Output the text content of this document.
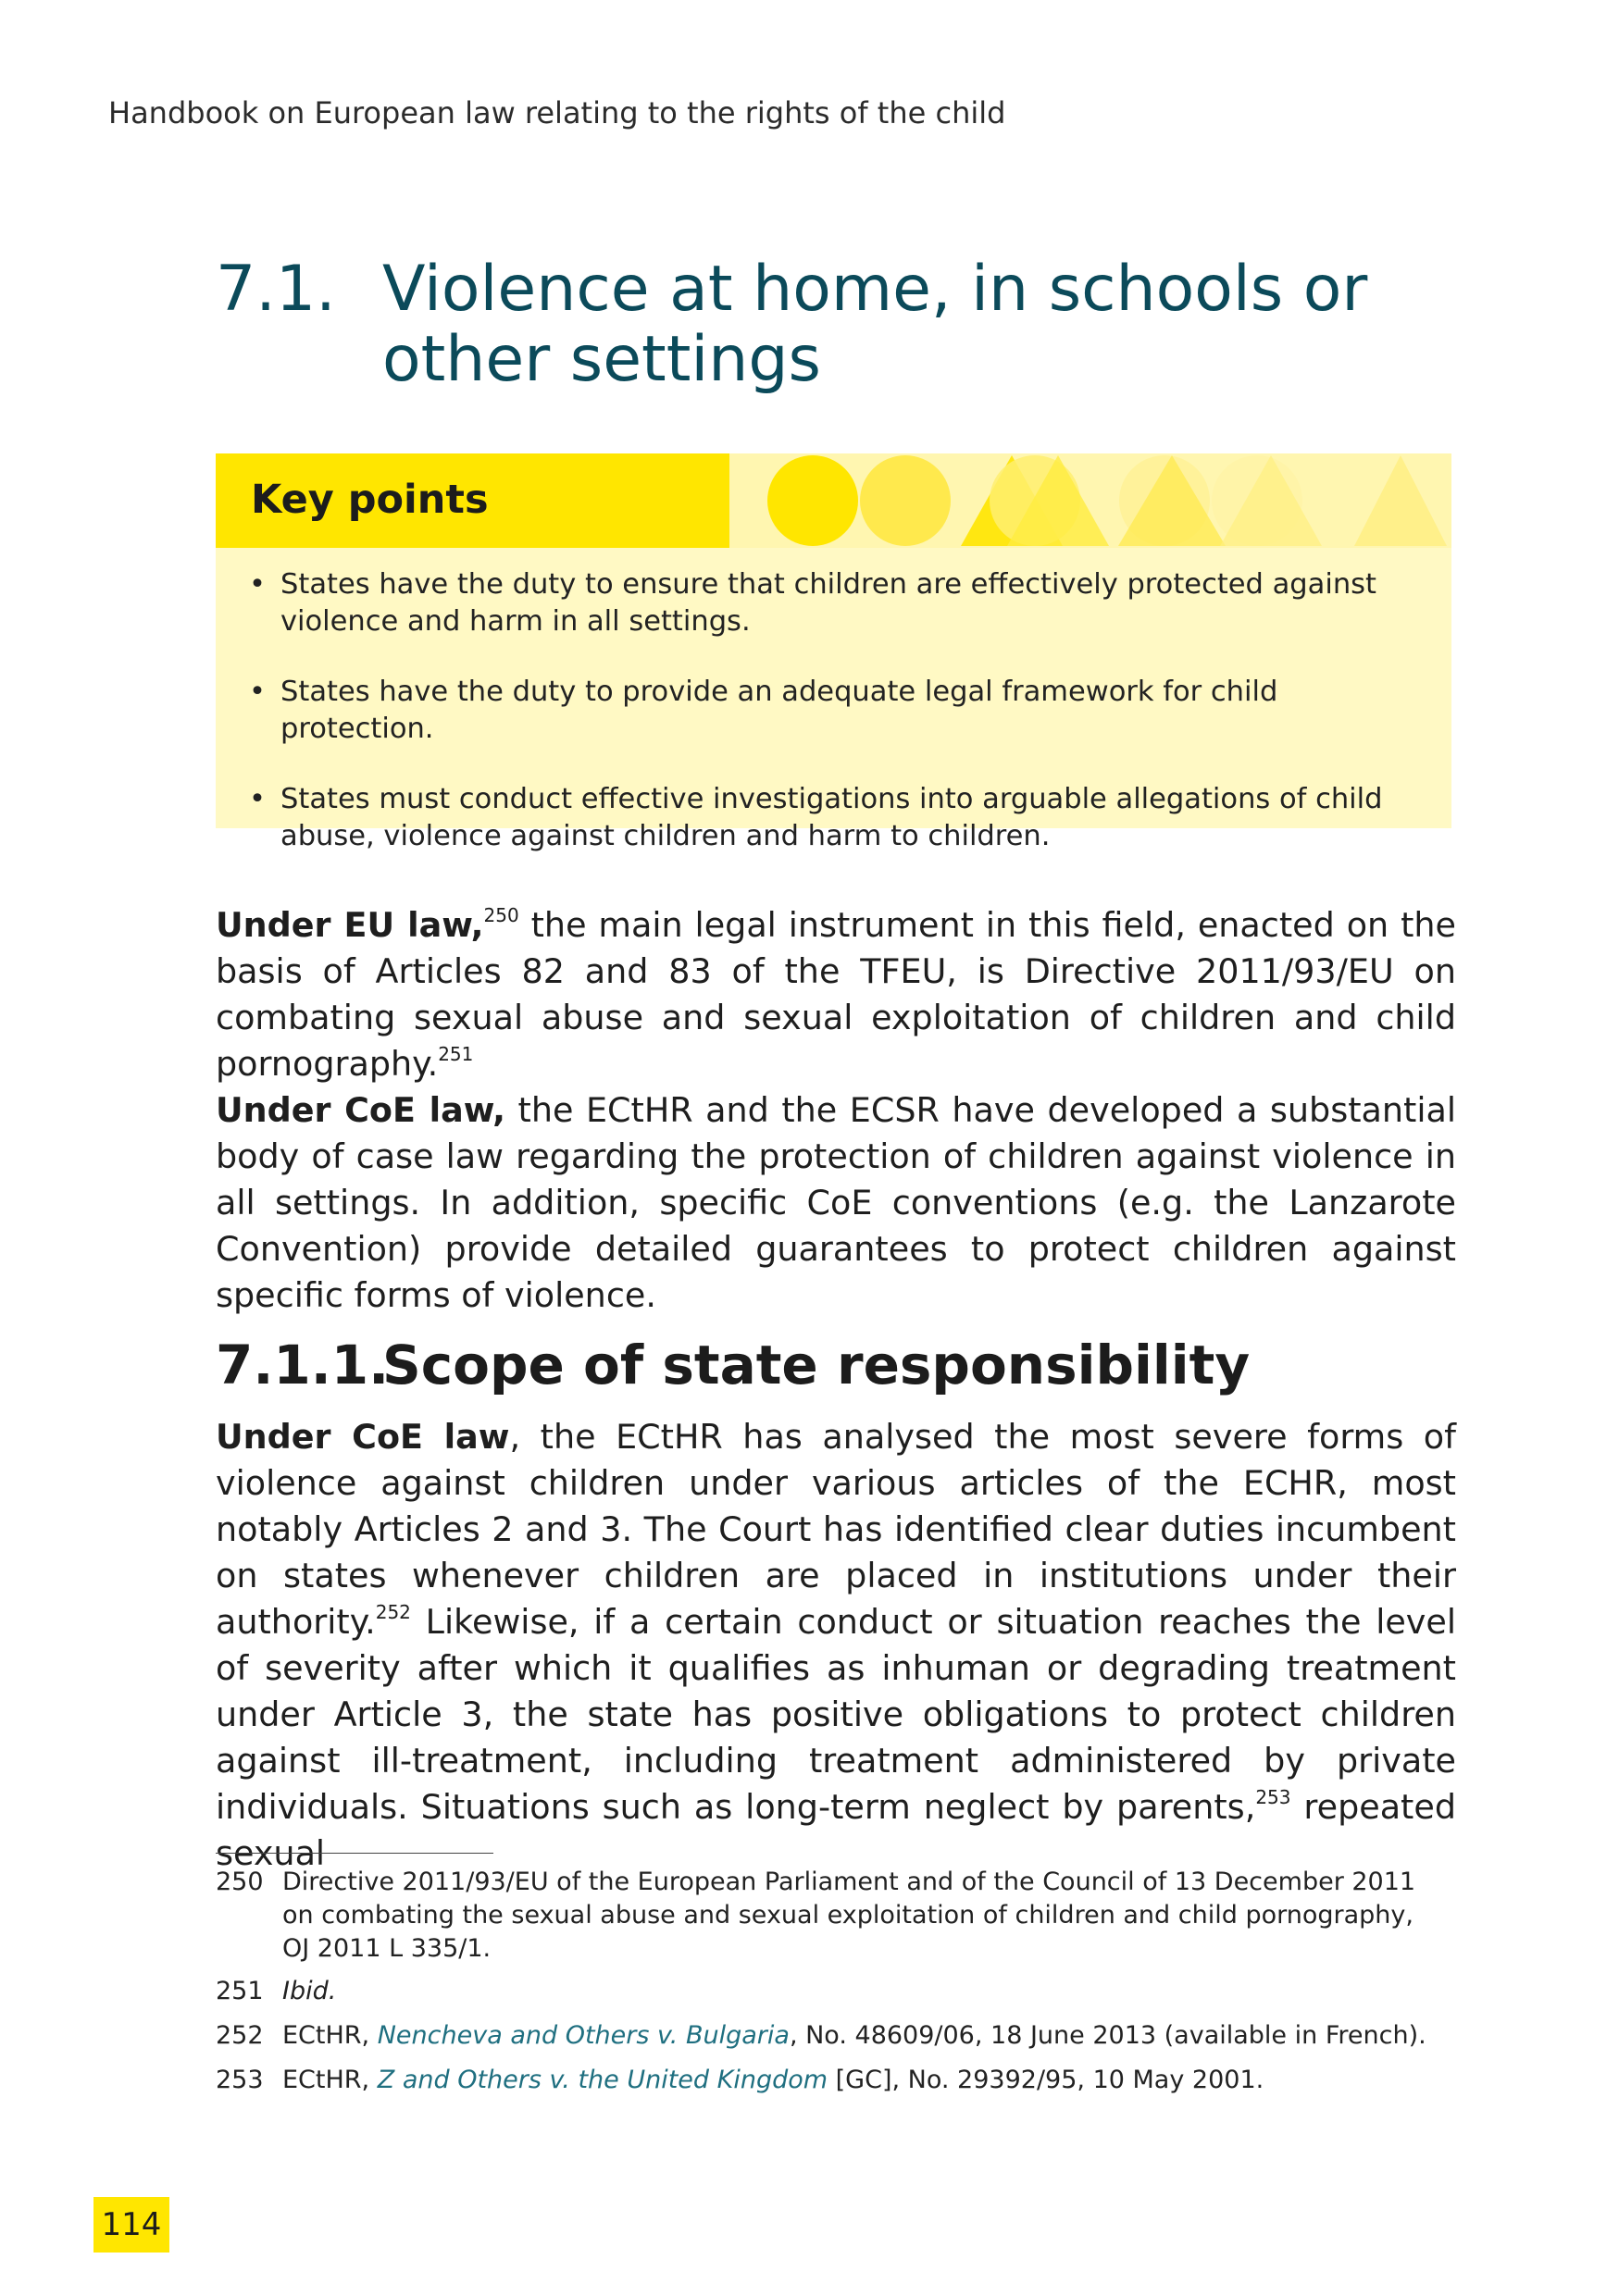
Handbook on European law relating to the rights of the child
7.1. Violence at home, in schools or other settings
Key points
• States have the duty to ensure that children are effectively protected against violence and harm in all settings.
• States have the duty to provide an adequate legal framework for child protection.
• States must conduct effective investigations into arguable allegations of child abuse, violence against children and harm to children.

Under EU law,$^{250}$ the main legal instrument in this field, enacted on the basis of Articles 82 and 83 of the TFEU, is Directive 2011/93/EU on combating sexual abuse and sexual exploitation of children and child pornography.$^{251}$

Under CoE law, the ECtHR and the ECSR have developed a substantial body of case law regarding the protection of children against violence in all settings. In addition, specific CoE conventions (e.g. the Lanzarote Convention) provide detailed guarantees to protect children against specific forms of violence.

7.1.1.
Scope of state responsibility

Under CoE law, the ECtHR has analysed the most severe forms of violence against children under various articles of the ECHR, most notably Articles 2 and 3. The Court has identified clear duties incumbent on states whenever children are placed in institutions under their authority.$^{252}$ Likewise, if a certain conduct or situation reaches the level of severity after which it qualifies as inhuman or degrading treatment under Article 3, the state has positive obligations to protect children against ill-treatment, including treatment administered by private individuals. Situations such as long-term neglect by parents,$^{253}$ repeated sexual

250 Directive 2011/93/EU of the European Parliament and of the Council of 13 December 2011 on combating the sexual abuse and sexual exploitation of children and child pornography, OJ 2011 L 335/1.
251 Ibid.
252 ECtHR, Nencheva and Others v. Bulgaria, No. 48609/06, 18 June 2013 (available in French).
253 ECtHR, Z and Others v. the United Kingdom [GC], No. 29392/95, 10 May 2001.
114
